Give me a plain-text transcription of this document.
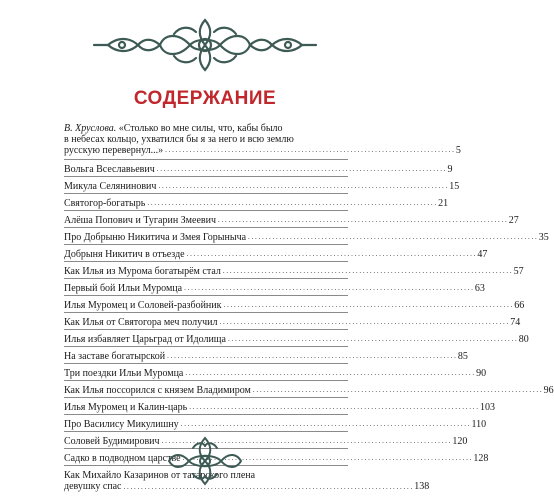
СОДЕРЖАНИЕ
В. Хруслова. «Столько во мне силы, что, кабы было
в небесах кольцо, ухватился бы я за него и всю землю
русскую перевернул...» . . .	5
Вольга Всеславьевич . . .	9
Микула Селянинович . . .	15
Святогор-богатырь . . .	21
Алёша Попович и Тугарин Змеевич . . .	27
Про Добрыню Никитича и Змея Горыныча . . .	35
Добрыня Никитич в отъезде . . .	47
Как Илья из Мурома богатырём стал . . .	57
Первый бой Ильи Муромца . . .	63
Илья Муромец и Соловей-разбойник . . .	66
Как Илья от Святогора меч получил . . .	74
Илья избавляет Царьград от Идолища . . .	80
На заставе богатырской . . .	85
Три поездки Ильи Муромца . . .	90
Как Илья поссорился с князем Владимиром . . .	96
Илья Муромец и Калин-царь . . .	103
Про Василису Микулишну . . .	110
Соловей Будимирович . . .	120
Садко в подводном царстве . . .	128
Как Михайло Казаринов от татарского плена
девушку спас . . .	138
